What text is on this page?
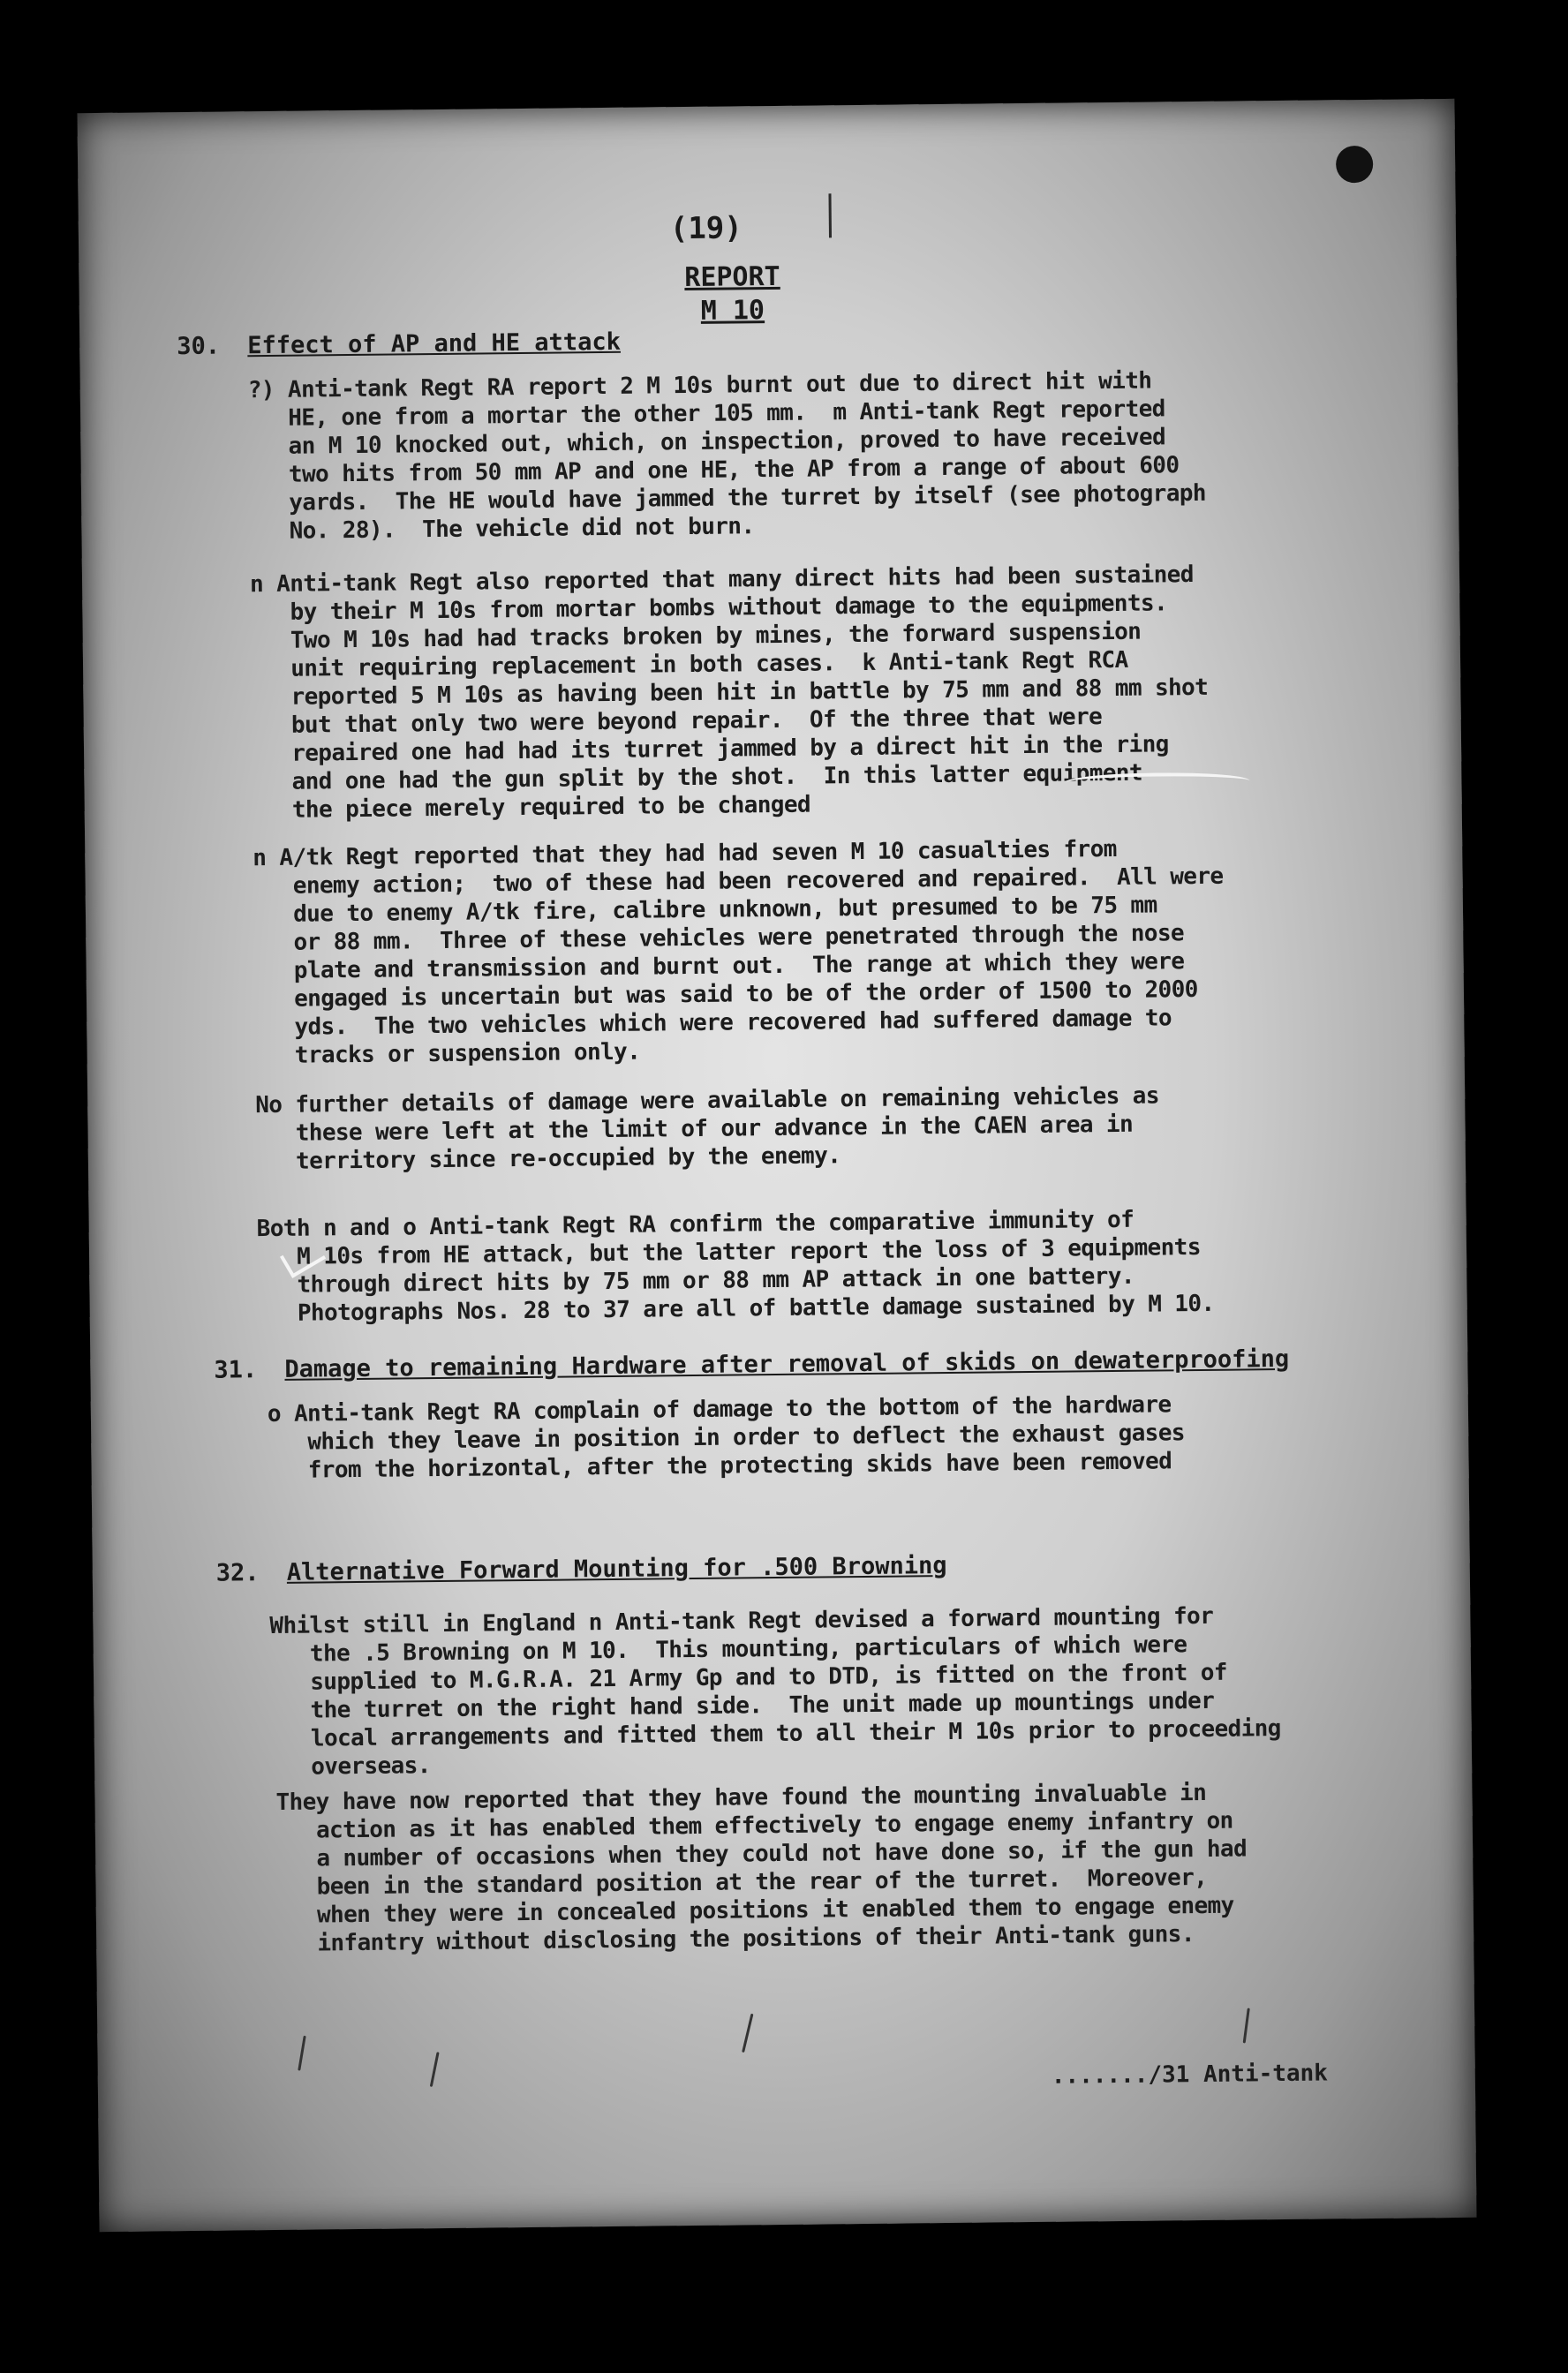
(19)
REPORT
M 10
30. Effect of AP and HE attack
?) Anti-tank Regt RA report 2 M 10s burnt out due to direct hit with
HE, one from a mortar the other 105 mm.  m Anti-tank Regt reported
an M 10 knocked out, which, on inspection, proved to have received
two hits from 50 mm AP and one HE, the AP from a range of about 600
yards.  The HE would have jammed the turret by itself (see photograph
No. 28).  The vehicle did not burn.
n Anti-tank Regt also reported that many direct hits had been sustained
by their M 10s from mortar bombs without damage to the equipments.
Two M 10s had had tracks broken by mines, the forward suspension
unit requiring replacement in both cases.  k Anti-tank Regt RCA
reported 5 M 10s as having been hit in battle by 75 mm and 88 mm shot
but that only two were beyond repair.  Of the three that were
repaired one had had its turret jammed by a direct hit in the ring
and one had the gun split by the shot.  In this latter equipment
the piece merely required to be changed
n A/tk Regt reported that they had had seven M 10 casualties from
enemy action;  two of these had been recovered and repaired.  All were
due to enemy A/tk fire, calibre unknown, but presumed to be 75 mm
or 88 mm.  Three of these vehicles were penetrated through the nose
plate and transmission and burnt out.  The range at which they were
engaged is uncertain but was said to be of the order of 1500 to 2000
yds.  The two vehicles which were recovered had suffered damage to
tracks or suspension only.
No further details of damage were available on remaining vehicles as
these were left at the limit of our advance in the CAEN area in
territory since re-occupied by the enemy.
Both n and o Anti-tank Regt RA confirm the comparative immunity of
M 10s from HE attack, but the latter report the loss of 3 equipments
through direct hits by 75 mm or 88 mm AP attack in one battery.
Photographs Nos. 28 to 37 are all of battle damage sustained by M 10.
31. Damage to remaining Hardware after removal of skids on dewaterproofing
o Anti-tank Regt RA complain of damage to the bottom of the hardware
which they leave in position in order to deflect the exhaust gases
from the horizontal, after the protecting skids have been removed
32. Alternative Forward Mounting for .500 Browning
Whilst still in England n Anti-tank Regt devised a forward mounting for
the .5 Browning on M 10.  This mounting, particulars of which were
supplied to M.G.R.A. 21 Army Gp and to DTD, is fitted on the front of
the turret on the right hand side.  The unit made up mountings under
local arrangements and fitted them to all their M 10s prior to proceeding
overseas.
They have now reported that they have found the mounting invaluable in
action as it has enabled them effectively to engage enemy infantry on
a number of occasions when they could not have done so, if the gun had
been in the standard position at the rear of the turret.  Moreover,
when they were in concealed positions it enabled them to engage enemy
infantry without disclosing the positions of their Anti-tank guns.
......./31 Anti-tank
